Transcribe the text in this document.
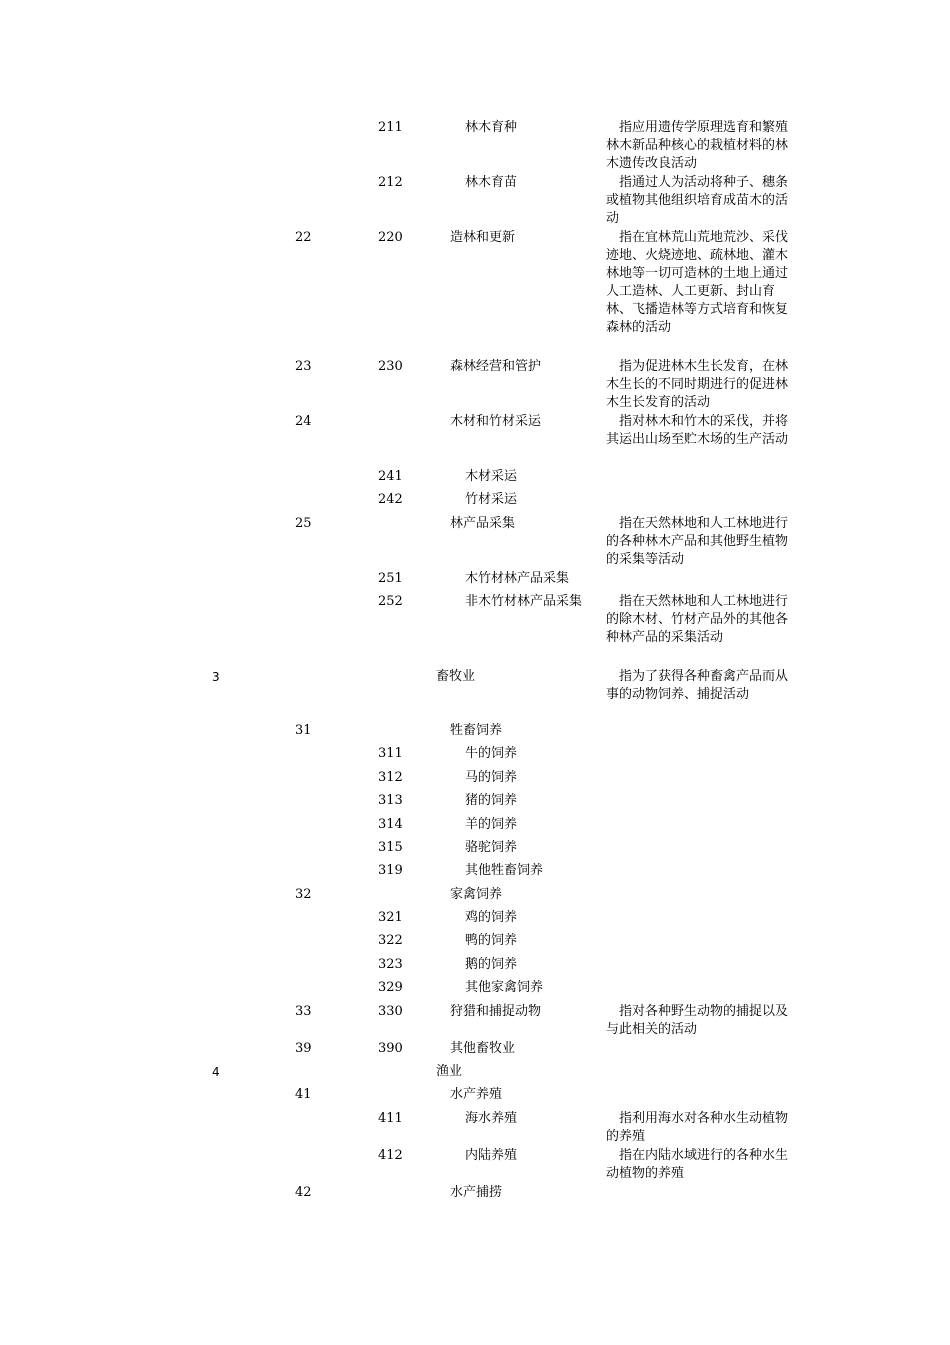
211	林木育种	　指应用遗传学原理选育和繁殖林木新品种核心的栽植材料的林木遗传改良活动
212	林木育苗	　指通过人为活动将种子、穗条或植物其他组织培育成苗木的活动
22	220	造林和更新	　指在宜林荒山荒地荒沙、采伐迹地、火烧迹地、疏林地、灌木林地等一切可造林的土地上通过人工造林、人工更新、封山育林、飞播造林等方式培育和恢复森林的活动
23	230	森林经营和管护	　指为促进林木生长发育，在林木生长的不同时期进行的促进林木生长发育的活动
24	木材和竹材采运	　指对林木和竹木的采伐，并将其运出山场至贮木场的生产活动
241	木材采运
242	竹材采运
25	林产品采集	　指在天然林地和人工林地进行的各种林木产品和其他野生植物的采集等活动
251	木竹材林产品采集
252	非木竹材林产品采集 　指在天然林地和人工林地进行的除木材、竹材产品外的其他各种林产品的采集活动
3	畜牧业	　指为了获得各种畜禽产品而从事的动物饲养、捕捉活动
31	牲畜饲养
311	牛的饲养
312	马的饲养
313	猪的饲养
314	羊的饲养
315	骆驼饲养
319	其他牲畜饲养
32	家禽饲养
321	鸡的饲养
322	鸭的饲养
323	鹅的饲养
329	其他家禽饲养
33	330	狩猎和捕捉动物	　指对各种野生动物的捕捉以及与此相关的活动
39	390	其他畜牧业
4	渔业
41	水产养殖
411	海水养殖	　指利用海水对各种水生动植物的养殖
412	内陆养殖	　指在内陆水域进行的各种水生动植物的养殖
42	水产捕捞
